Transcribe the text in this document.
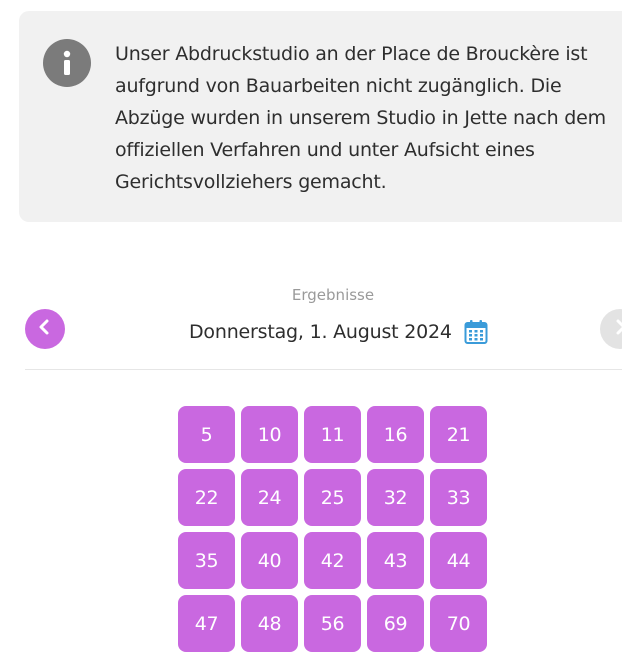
Unser Abdruckstudio an der Place de Brouckère ist aufgrund von Bauarbeiten nicht zugänglich. Die Abzüge wurden in unserem Studio in Jette nach dem offiziellen Verfahren und unter Aufsicht eines Gerichtsvollziehers gemacht.

Ergebnisse
Donnerstag, 1. August 2024
5	10	11	16	21
22	24	25	32	33
35	40	42	43	44
47	48	56	69	70
